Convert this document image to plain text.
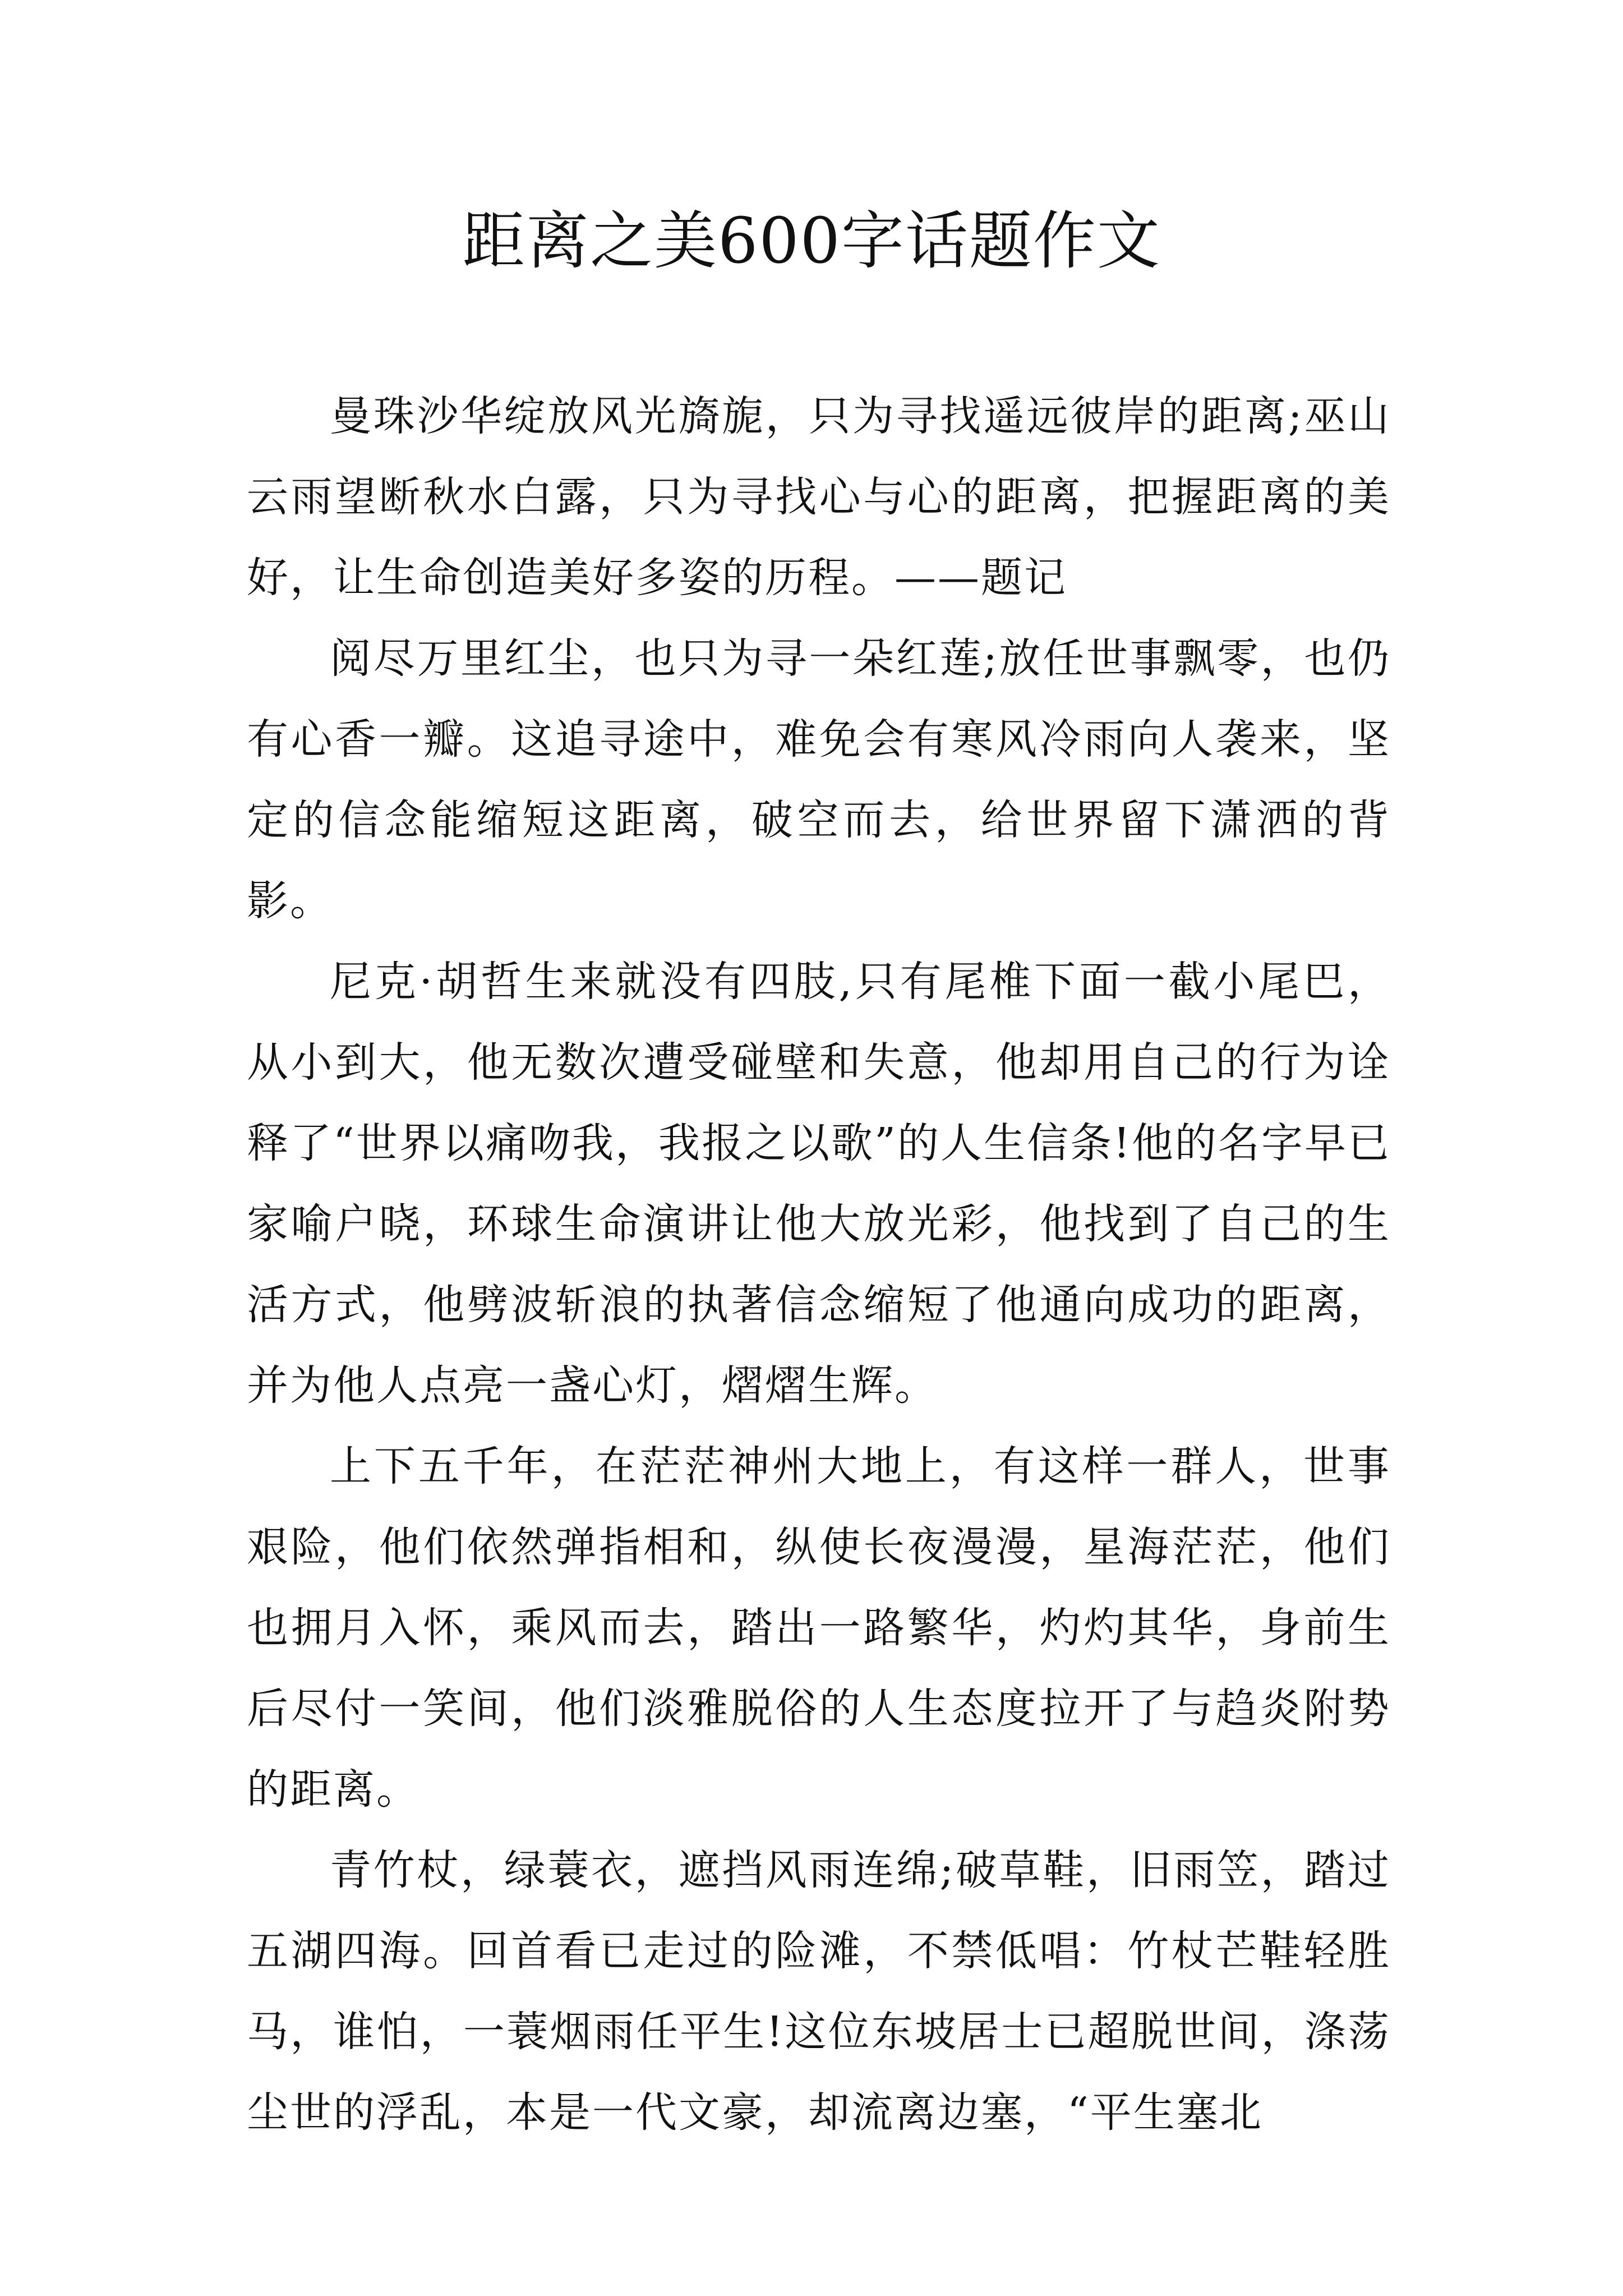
距离之美600字话题作文

曼珠沙华绽放风光旖旎，只为寻找遥远彼岸的距离;巫山云雨望断秋水白露，只为寻找心与心的距离，把握距离的美好，让生命创造美好多姿的历程。——题记

阅尽万里红尘，也只为寻一朵红莲;放任世事飘零，也仍有心香一瓣。这追寻途中，难免会有寒风冷雨向人袭来，坚定的信念能缩短这距离，破空而去，给世界留下潇洒的背影。

尼克·胡哲生来就没有四肢,只有尾椎下面一截小尾巴，从小到大，他无数次遭受碰壁和失意，他却用自己的行为诠释了“世界以痛吻我，我报之以歌”的人生信条!他的名字早已家喻户晓，环球生命演讲让他大放光彩，他找到了自己的生活方式，他劈波斩浪的执著信念缩短了他通向成功的距离，并为他人点亮一盏心灯，熠熠生辉。

上下五千年，在茫茫神州大地上，有这样一群人，世事艰险，他们依然弹指相和，纵使长夜漫漫，星海茫茫，他们也拥月入怀，乘风而去，踏出一路繁华，灼灼其华，身前生后尽付一笑间，他们淡雅脱俗的人生态度拉开了与趋炎附势的距离。

青竹杖，绿蓑衣，遮挡风雨连绵;破草鞋，旧雨笠，踏过五湖四海。回首看已走过的险滩，不禁低唱：竹杖芒鞋轻胜马，谁怕，一蓑烟雨任平生!这位东坡居士已超脱世间，涤荡尘世的浮乱，本是一代文豪，却流离边塞，“平生塞北
